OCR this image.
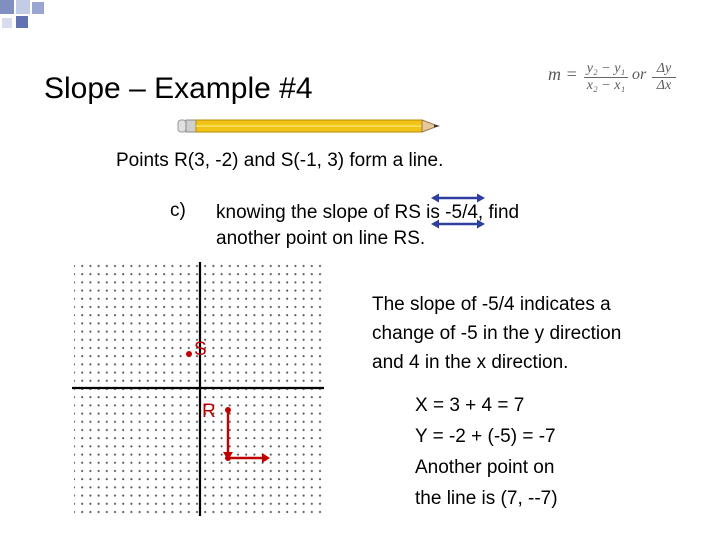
Slope – Example #4	m = y₂ − y₁
x₂ − x₁
or Δy
Δx
Points R(3, -2) and S(-1, 3) form a line.
c) knowing the slope of RS is -5/4, find
another point on line RS.
S
R
The slope of -5/4 indicates a
change of -5 in the y direction
and 4 in the x direction.
X = 3 + 4 = 7
Y = -2 + (-5) = -7
Another point on
the line is (7, --7)
